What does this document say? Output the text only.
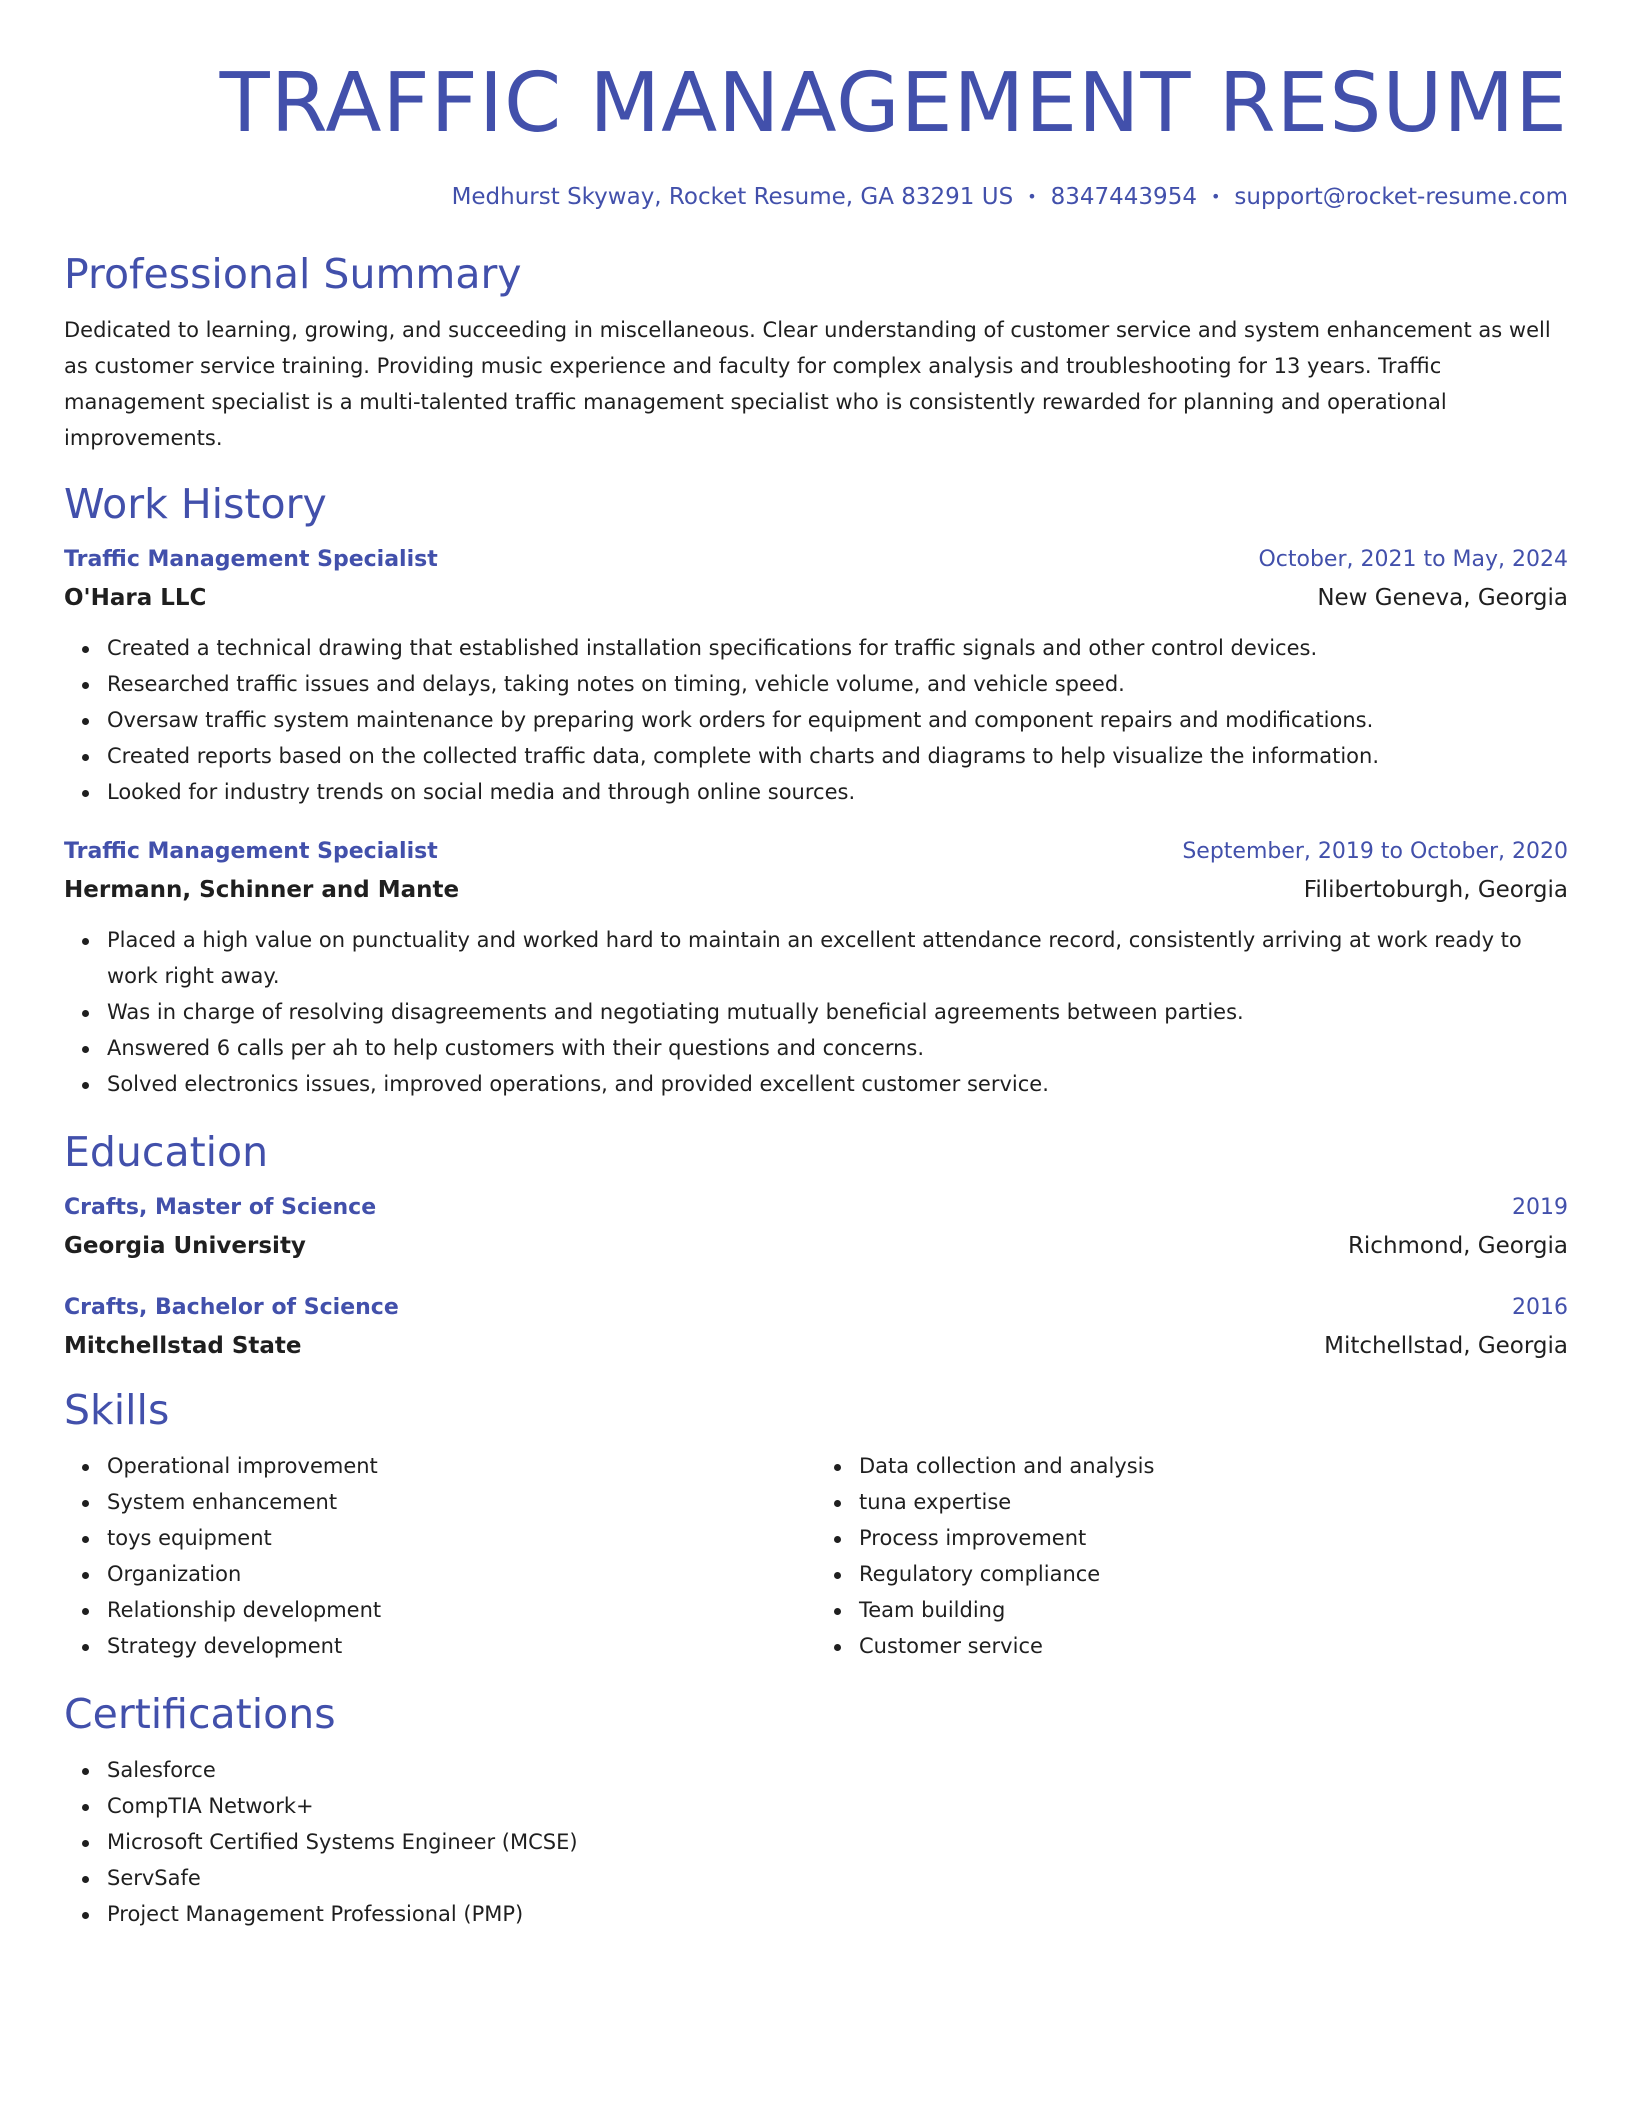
TRAFFIC MANAGEMENT RESUME
Medhurst Skyway, Rocket Resume, GA 83291 US • 8347443954 • support@rocket-resume.com
Professional Summary
Dedicated to learning, growing, and succeeding in miscellaneous. Clear understanding of customer service and system enhancement as well as customer service training. Providing music experience and faculty for complex analysis and troubleshooting for 13 years. Traffic management specialist is a multi-talented traffic management specialist who is consistently rewarded for planning and operational improvements.
Work History
Traffic Management Specialist	October, 2021 to May, 2024
O'Hara LLC	New Geneva, Georgia
Created a technical drawing that established installation specifications for traffic signals and other control devices.
Researched traffic issues and delays, taking notes on timing, vehicle volume, and vehicle speed.
Oversaw traffic system maintenance by preparing work orders for equipment and component repairs and modifications.
Created reports based on the collected traffic data, complete with charts and diagrams to help visualize the information.
Looked for industry trends on social media and through online sources.
Traffic Management Specialist	September, 2019 to October, 2020
Hermann, Schinner and Mante	Filibertoburgh, Georgia
Placed a high value on punctuality and worked hard to maintain an excellent attendance record, consistently arriving at work ready to work right away.
Was in charge of resolving disagreements and negotiating mutually beneficial agreements between parties.
Answered 6 calls per ah to help customers with their questions and concerns.
Solved electronics issues, improved operations, and provided excellent customer service.
Education
Crafts, Master of Science	2019
Georgia University	Richmond, Georgia
Crafts, Bachelor of Science	2016
Mitchellstad State	Mitchellstad, Georgia
Skills
Operational improvement
System enhancement
toys equipment
Organization
Relationship development
Strategy development
Data collection and analysis
tuna expertise
Process improvement
Regulatory compliance
Team building
Customer service
Certifications
Salesforce
CompTIA Network+
Microsoft Certified Systems Engineer (MCSE)
ServSafe
Project Management Professional (PMP)
